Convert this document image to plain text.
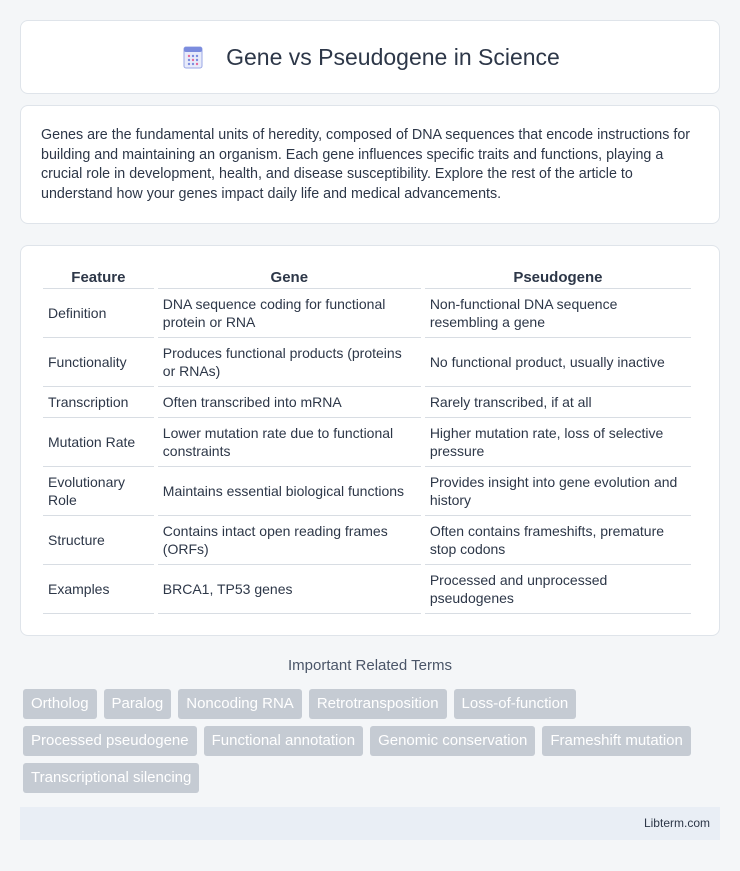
Gene vs Pseudogene in Science

Genes are the fundamental units of heredity, composed of DNA sequences that encode instructions for building and maintaining an organism. Each gene influences specific traits and functions, playing a crucial role in development, health, and disease susceptibility. Explore the rest of the article to understand how your genes impact daily life and medical advancements.

Feature	Gene	Pseudogene
Definition	DNA sequence coding for functional protein or RNA	Non-functional DNA sequence resembling a gene
Functionality	Produces functional products (proteins or RNAs)	No functional product, usually inactive
Transcription	Often transcribed into mRNA	Rarely transcribed, if at all
Mutation Rate	Lower mutation rate due to functional constraints	Higher mutation rate, loss of selective pressure
Evolutionary Role	Maintains essential biological functions	Provides insight into gene evolution and history
Structure	Contains intact open reading frames (ORFs)	Often contains frameshifts, premature stop codons
Examples	BRCA1, TP53 genes	Processed and unprocessed pseudogenes
Important Related Terms
Ortholog	Paralog	Noncoding RNA	Retrotransposition	Loss-of-function
Processed pseudogene	Functional annotation	Genomic conservation	Frameshift mutation
Transcriptional silencing
Libterm.com
